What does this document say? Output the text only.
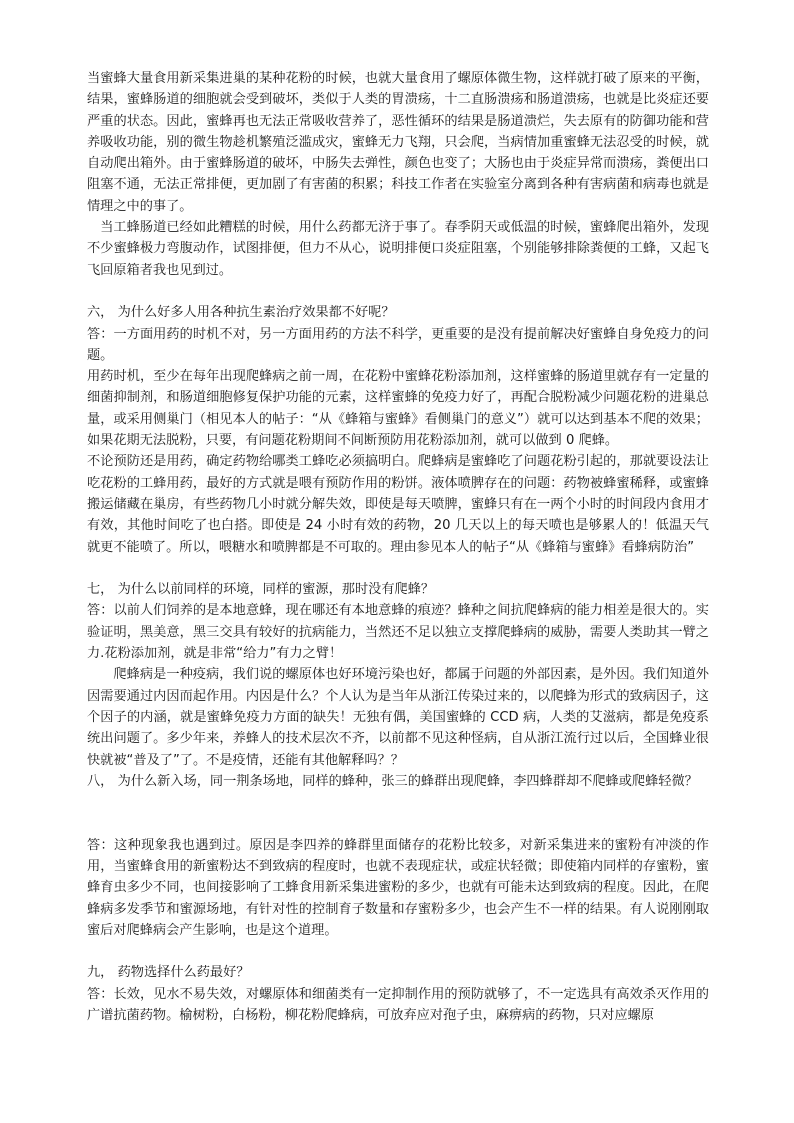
当蜜蜂大量食用新采集进巢的某种花粉的时候，也就大量食用了螺原体微生物，这样就打破了原来的平衡，结果，蜜蜂肠道的细胞就会受到破坏，类似于人类的胃溃疡，十二直肠溃疡和肠道溃疡，也就是比炎症还要严重的状态。因此，蜜蜂再也无法正常吸收营养了，恶性循环的结果是肠道溃烂，失去原有的防御功能和营养吸收功能，别的微生物趁机繁殖泛滥成灾，蜜蜂无力飞翔，只会爬，当病情加重蜜蜂无法忍受的时候，就自动爬出箱外。由于蜜蜂肠道的破坏，中肠失去弹性，颜色也变了；大肠也由于炎症异常而溃疡，粪便出口阻塞不通，无法正常排便，更加剧了有害菌的积累；科技工作者在实验室分离到各种有害病菌和病毒也就是情理之中的事了。

当工蜂肠道已经如此糟糕的时候，用什么药都无济于事了。春季阴天或低温的时候，蜜蜂爬出箱外，发现不少蜜蜂极力弯腹动作，试图排便，但力不从心，说明排便口炎症阻塞，个别能够排除粪便的工蜂，又起飞飞回原箱者我也见到过。

六， 为什么好多人用各种抗生素治疗效果都不好呢？

答：一方面用药的时机不对，另一方面用药的方法不科学，更重要的是没有提前解决好蜜蜂自身免疫力的问题。

用药时机，至少在每年出现爬蜂病之前一周，在花粉中蜜蜂花粉添加剂，这样蜜蜂的肠道里就存有一定量的细菌抑制剂，和肠道细胞修复保护功能的元素，这样蜜蜂的免疫力好了，再配合脱粉减少问题花粉的进巢总量，或采用侧巢门（相见本人的帖子：“从《蜂箱与蜜蜂》看侧巢门的意义”）就可以达到基本不爬的效果；如果花期无法脱粉，只要，有问题花粉期间不间断预防用花粉添加剂，就可以做到 0 爬蜂。

不论预防还是用药，确定药物给哪类工蜂吃必须搞明白。爬蜂病是蜜蜂吃了问题花粉引起的，那就要设法让吃花粉的工蜂用药，最好的方式就是喂有预防作用的粉饼。液体喷脾存在的问题：药物被蜂蜜稀释，或蜜蜂搬运储藏在巢房，有些药物几小时就分解失效，即使是每天喷脾，蜜蜂只有在一两个小时的时间段内食用才有效，其他时间吃了也白搭。即使是 24 小时有效的药物，20 几天以上的每天喷也是够累人的！低温天气就更不能喷了。所以，喂糖水和喷脾都是不可取的。理由参见本人的帖子“从《蜂箱与蜜蜂》看蜂病防治”

七， 为什么以前同样的环境，同样的蜜源，那时没有爬蜂？

答：以前人们饲养的是本地意蜂，现在哪还有本地意蜂的痕迹？蜂种之间抗爬蜂病的能力相差是很大的。实验证明，黑美意，黑三交具有较好的抗病能力，当然还不足以独立支撑爬蜂病的威胁，需要人类助其一臂之力.花粉添加剂，就是非常“给力”有力之臂！

爬蜂病是一种疫病，我们说的螺原体也好环境污染也好，都属于问题的外部因素，是外因。我们知道外因需要通过内因而起作用。内因是什么？个人认为是当年从浙江传染过来的，以爬蜂为形式的致病因子，这个因子的内涵，就是蜜蜂免疫力方面的缺失！无独有偶，美国蜜蜂的 CCD 病，人类的艾滋病，都是免疫系统出问题了。多少年来，养蜂人的技术层次不齐，以前都不见这种怪病，自从浙江流行过以后，全国蜂业很快就被“普及了”了。不是疫情，还能有其他解释吗？？

八， 为什么新入场，同一荆条场地，同样的蜂种，张三的蜂群出现爬蜂，李四蜂群却不爬蜂或爬蜂轻微？

答：这种现象我也遇到过。原因是李四养的蜂群里面储存的花粉比较多，对新采集进来的蜜粉有冲淡的作用，当蜜蜂食用的新蜜粉达不到致病的程度时，也就不表现症状，或症状轻微；即使箱内同样的存蜜粉，蜜蜂育虫多少不同，也间接影响了工蜂食用新采集进蜜粉的多少，也就有可能未达到致病的程度。因此，在爬蜂病多发季节和蜜源场地，有针对性的控制育子数量和存蜜粉多少，也会产生不一样的结果。有人说刚刚取蜜后对爬蜂病会产生影响，也是这个道理。

九， 药物选择什么药最好？

答：长效，见水不易失效，对螺原体和细菌类有一定抑制作用的预防就够了，不一定选具有高效杀灭作用的广谱抗菌药物。榆树粉，白杨粉，柳花粉爬蜂病，可放弃应对孢子虫，麻痹病的药物，只对应螺原
